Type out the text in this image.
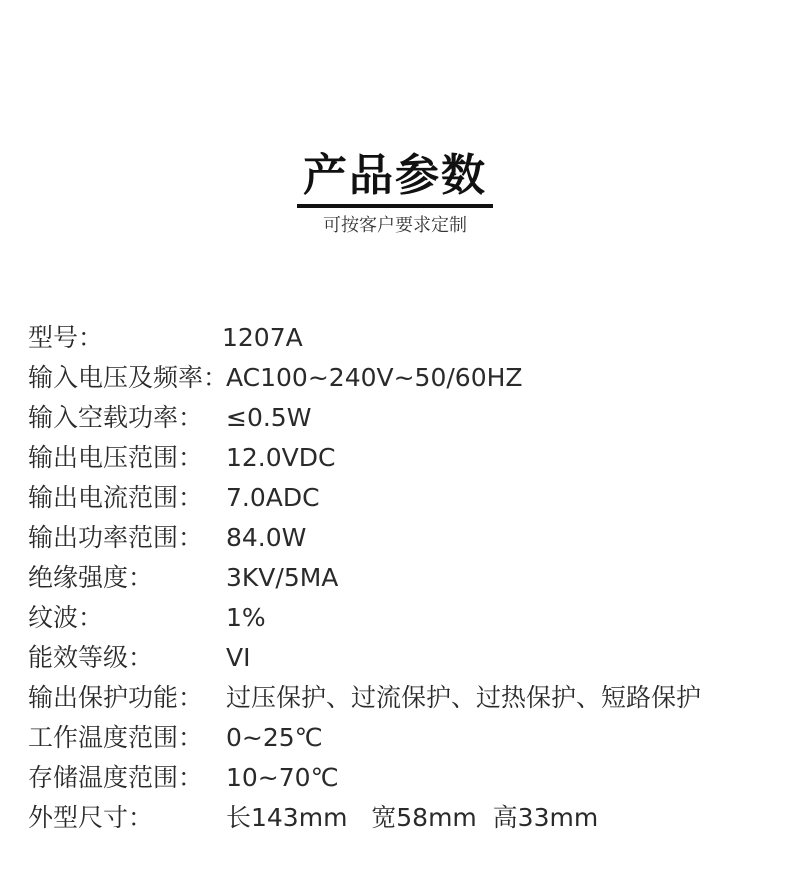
产品参数
可按客户要求定制
型号：	1207A
输入电压及频率：
AC100~240V~50/60HZ
输入空载功率： ≤0.5W
输出电压范围： 12.0VDC
输出电流范围： 7.0ADC
输出功率范围： 84.0W
绝缘强度：	3KV/5MA
纹波：	1%
能效等级：	VI
输出保护功能： 过压保护、过流保护、过热保护、短路保护
工作温度范围： 0~25℃
存储温度范围： 10~70℃
外型尺寸：	长143mm   宽58mm  高33mm
